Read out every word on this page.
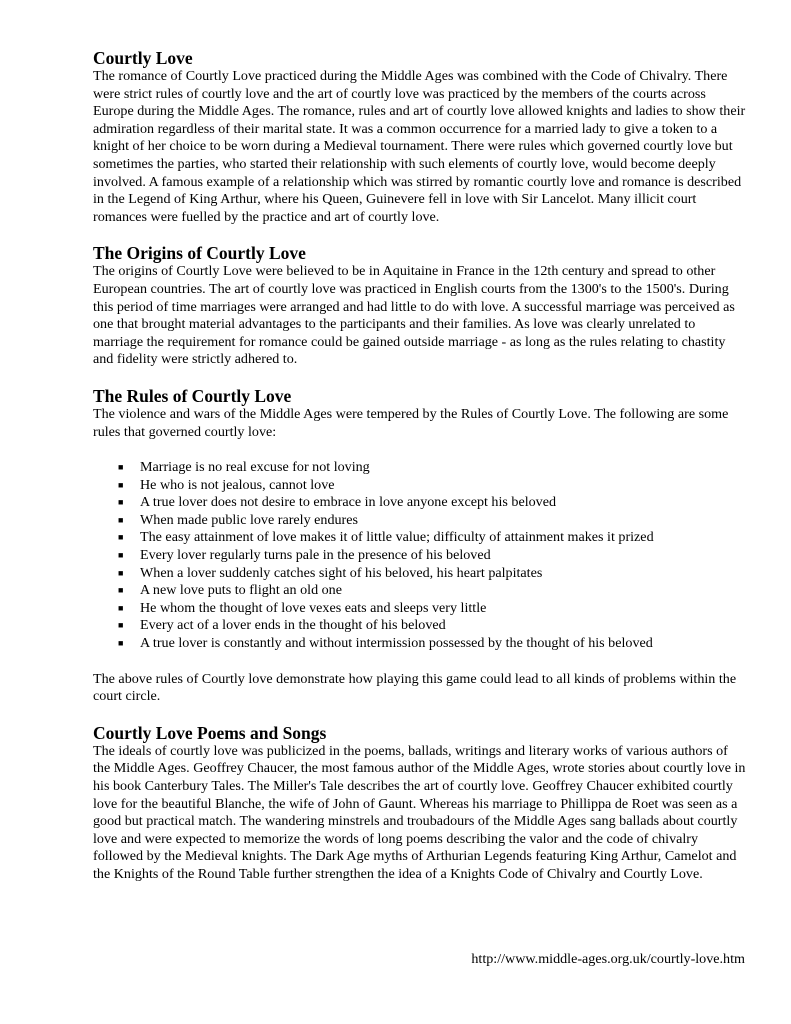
Courtly Love

The romance of Courtly Love practiced during the Middle Ages was combined with the Code of Chivalry. There were strict rules of courtly love and the art of courtly love was practiced by the members of the courts across Europe during the Middle Ages. The romance, rules and art of courtly love allowed knights and ladies to show their admiration regardless of their marital state. It was a common occurrence for a married lady to give a token to a knight of her choice to be worn during a Medieval tournament. There were rules which governed courtly love but sometimes the parties, who started their relationship with such elements of courtly love, would become deeply involved. A famous example of a relationship which was stirred by romantic courtly love and romance is described in the Legend of King Arthur, where his Queen, Guinevere fell in love with Sir Lancelot. Many illicit court romances were fuelled by the practice and art of courtly love.

The Origins of Courtly Love

The origins of Courtly Love were believed to be in Aquitaine in France in the 12th century and spread to other European countries. The art of courtly love was practiced in English courts from the 1300's to the 1500's. During this period of time marriages were arranged and had little to do with love. A successful marriage was perceived as one that brought material advantages to the participants and their families. As love was clearly unrelated to marriage the requirement for romance could be gained outside marriage - as long as the rules relating to chastity and fidelity were strictly adhered to.

The Rules of Courtly Love

The violence and wars of the Middle Ages were tempered by the Rules of Courtly Love. The following are some rules that governed courtly love:

■ Marriage is no real excuse for not loving
■ He who is not jealous, cannot love
■ A true lover does not desire to embrace in love anyone except his beloved
■ When made public love rarely endures
■ The easy attainment of love makes it of little value; difficulty of attainment makes it prized
■ Every lover regularly turns pale in the presence of his beloved
■ When a lover suddenly catches sight of his beloved, his heart palpitates
■ A new love puts to flight an old one
■ He whom the thought of love vexes eats and sleeps very little
■ Every act of a lover ends in the thought of his beloved
■ A true lover is constantly and without intermission possessed by the thought of his beloved

The above rules of Courtly love demonstrate how playing this game could lead to all kinds of problems within the court circle.

Courtly Love Poems and Songs

The ideals of courtly love was publicized in the poems, ballads, writings and literary works of various authors of the Middle Ages. Geoffrey Chaucer, the most famous author of the Middle Ages, wrote stories about courtly love in his book Canterbury Tales. The Miller's Tale describes the art of courtly love. Geoffrey Chaucer exhibited courtly love for the beautiful Blanche, the wife of John of Gaunt. Whereas his marriage to Phillippa de Roet was seen as a good but practical match. The wandering minstrels and troubadours of the Middle Ages sang ballads about courtly love and were expected to memorize the words of long poems describing the valor and the code of chivalry followed by the Medieval knights. The Dark Age myths of Arthurian Legends featuring King Arthur, Camelot and the Knights of the Round Table further strengthen the idea of a Knights Code of Chivalry and Courtly Love.

http://www.middle-ages.org.uk/courtly-love.htm
